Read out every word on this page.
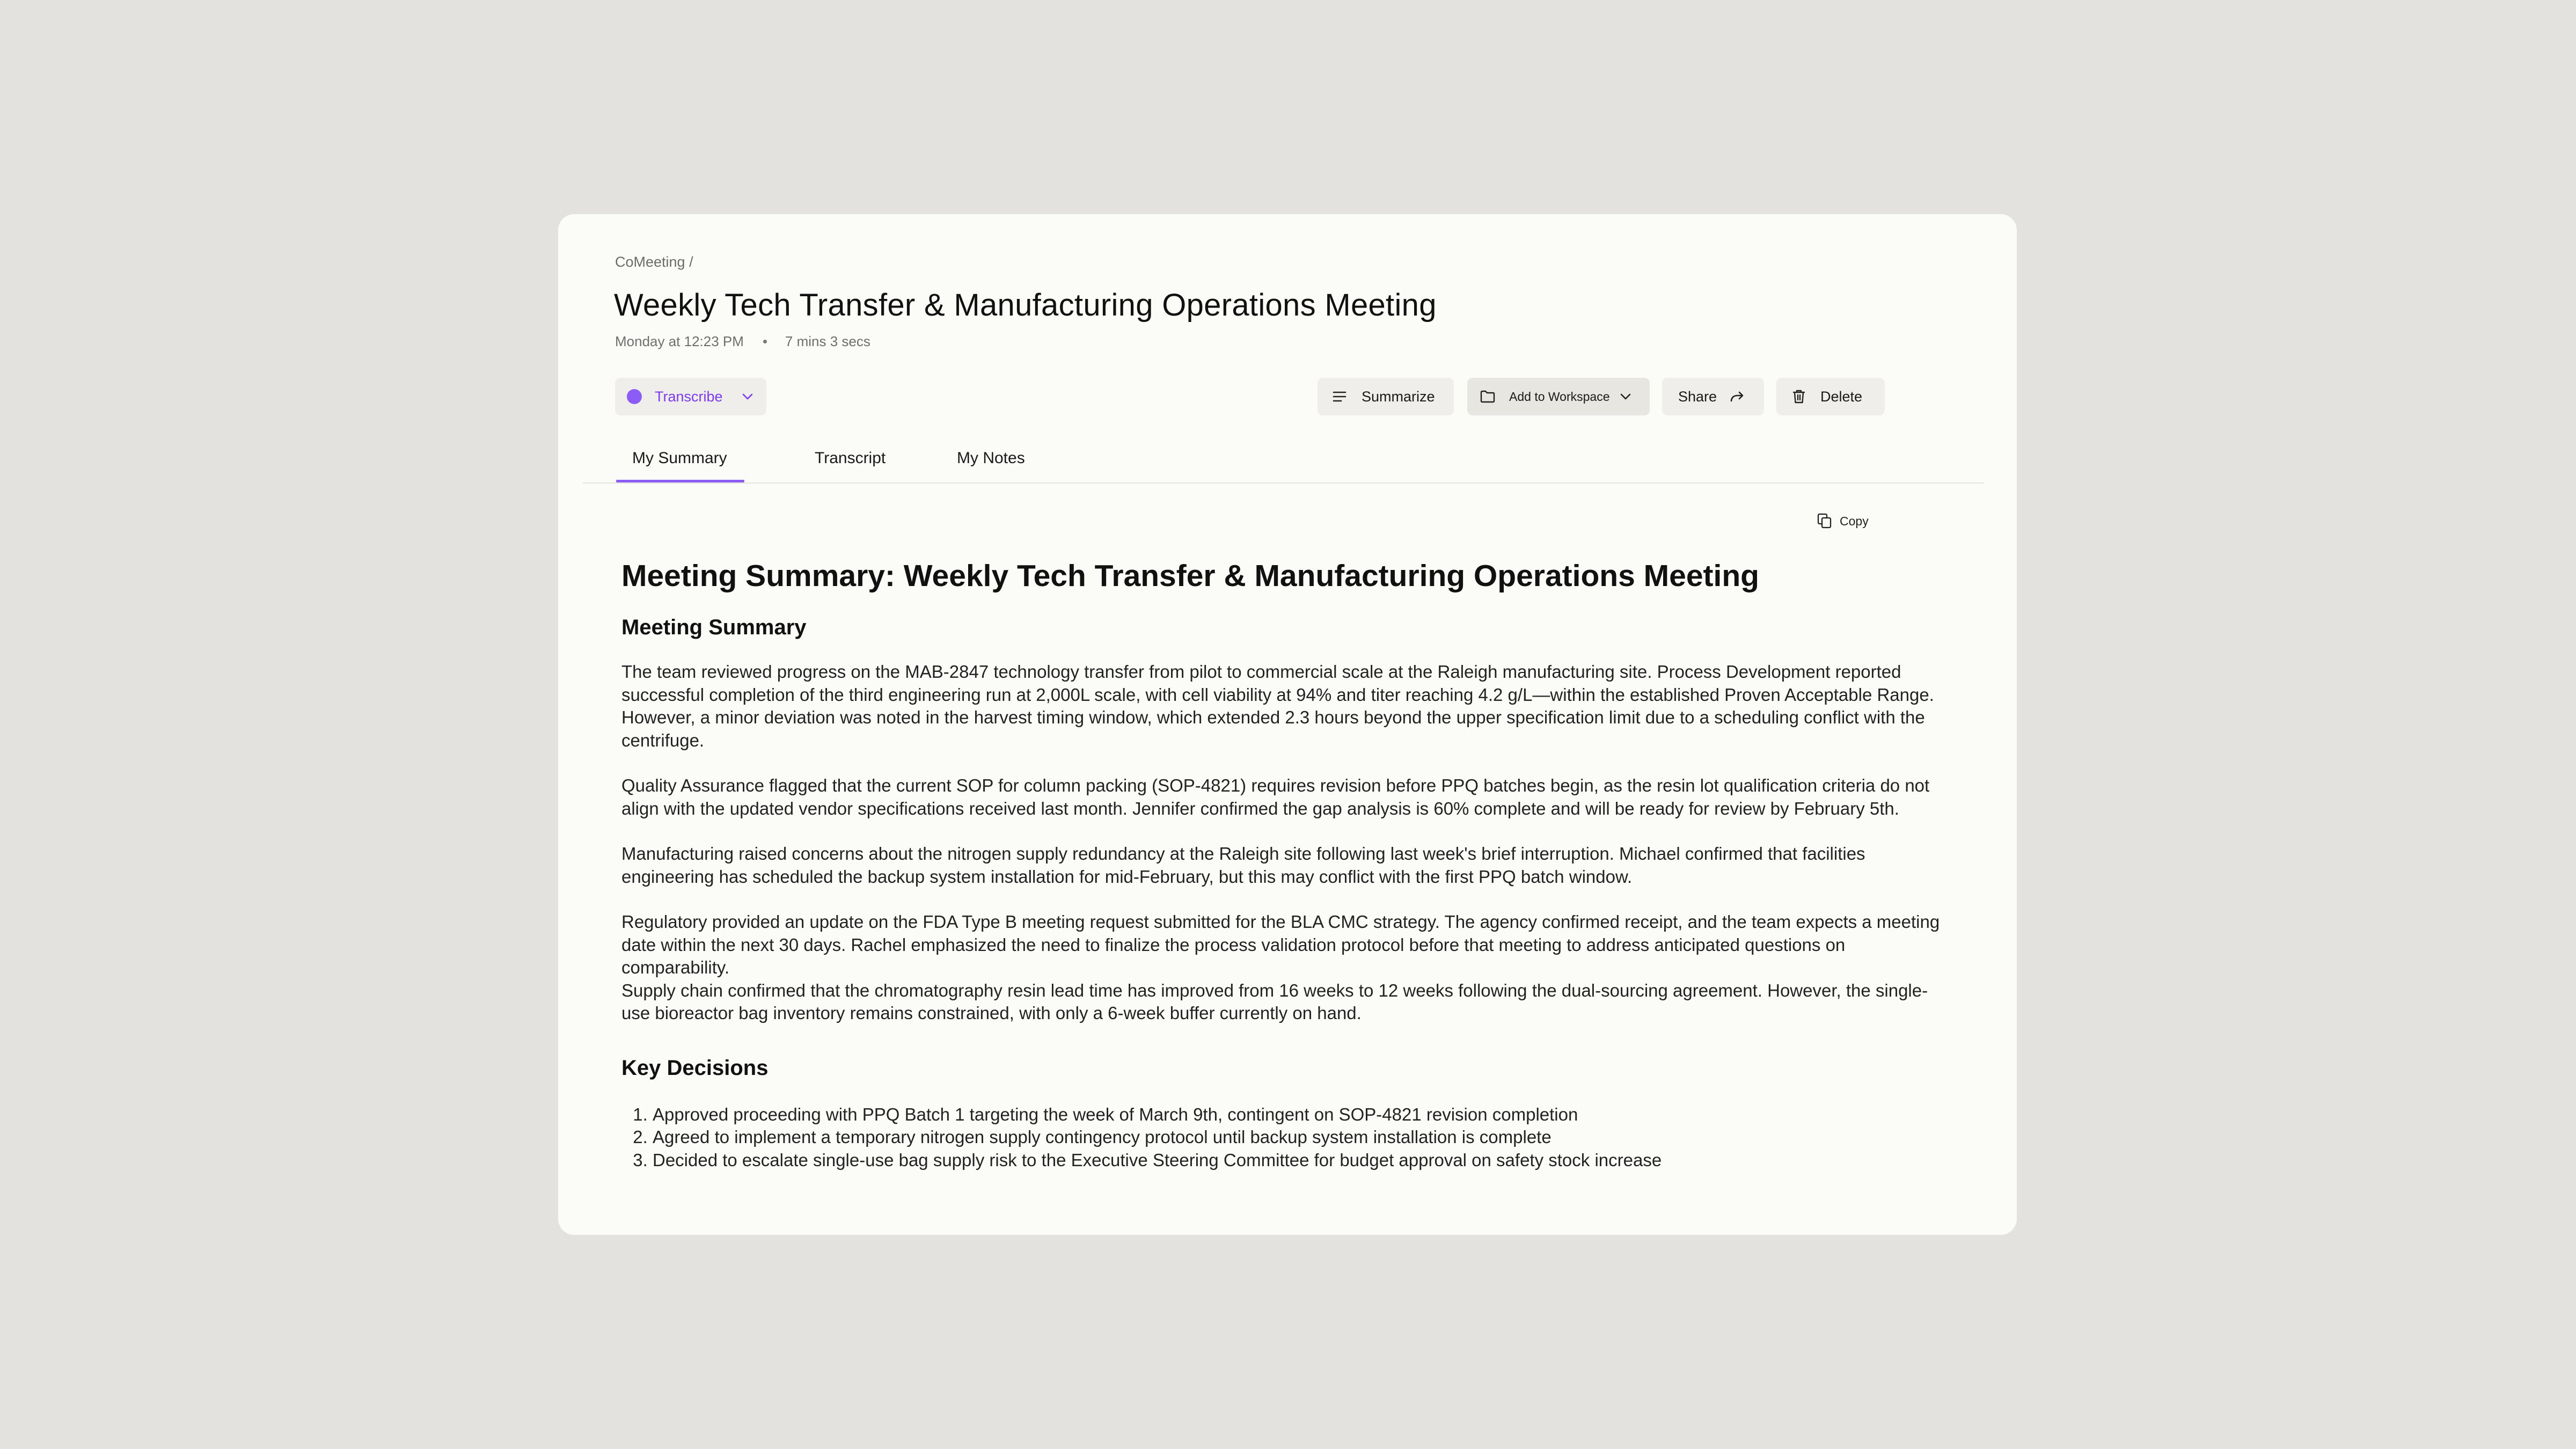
CoMeeting /
Weekly Tech Transfer & Manufacturing Operations Meeting
Monday at 12:23 PM	7 mins 3 secs
Transcribe	Summarize	Add to Workspace	Share	Delete
My Summary	Transcript	My Notes
Copy
Meeting Summary: Weekly Tech Transfer & Manufacturing Operations Meeting
Meeting Summary

The team reviewed progress on the MAB-2847 technology transfer from pilot to commercial scale at the Raleigh manufacturing site. Process Development reported successful completion of the third engineering run at 2,000L scale, with cell viability at 94% and titer reaching 4.2 g/L—within the established Proven Acceptable Range. However, a minor deviation was noted in the harvest timing window, which extended 2.3 hours beyond the upper specification limit due to a scheduling conflict with the centrifuge.

Quality Assurance flagged that the current SOP for column packing (SOP-4821) requires revision before PPQ batches begin, as the resin lot qualification criteria do not align with the updated vendor specifications received last month. Jennifer confirmed the gap analysis is 60% complete and will be ready for review by February 5th.

Manufacturing raised concerns about the nitrogen supply redundancy at the Raleigh site following last week's brief interruption. Michael confirmed that facilities engineering has scheduled the backup system installation for mid-February, but this may conflict with the first PPQ batch window.

Regulatory provided an update on the FDA Type B meeting request submitted for the BLA CMC strategy. The agency confirmed receipt, and the team expects a meeting date within the next 30 days. Rachel emphasized the need to finalize the process validation protocol before that meeting to address anticipated questions on comparability.

Supply chain confirmed that the chromatography resin lead time has improved from 16 weeks to 12 weeks following the dual-sourcing agreement. However, the single-use bioreactor bag inventory remains constrained, with only a 6-week buffer currently on hand.

Key Decisions
1. Approved proceeding with PPQ Batch 1 targeting the week of March 9th, contingent on SOP-4821 revision completion
2. Agreed to implement a temporary nitrogen supply contingency protocol until backup system installation is complete
3. Decided to escalate single-use bag supply risk to the Executive Steering Committee for budget approval on safety stock increase
